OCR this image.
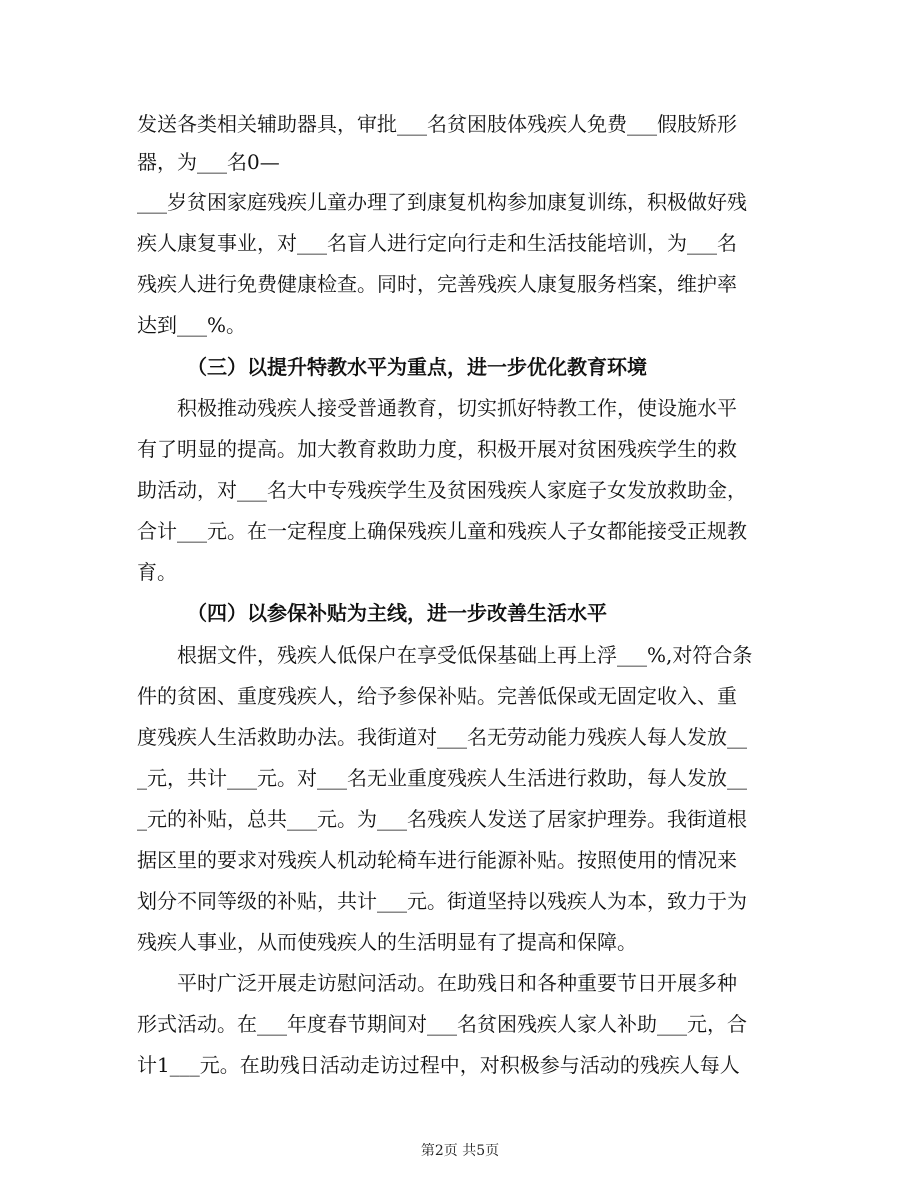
发送各类相关辅助器具，审批___名贫困肢体残疾人免费___假肢矫形
器，为___名0—
___岁贫困家庭残疾儿童办理了到康复机构参加康复训练，积极做好残
疾人康复事业，对___名盲人进行定向行走和生活技能培训，为___名
残疾人进行免费健康检查。同时，完善残疾人康复服务档案，维护率
达到___%。
（三）以提升特教水平为重点，进一步优化教育环境
积极推动残疾人接受普通教育，切实抓好特教工作，使设施水平
有了明显的提高。加大教育救助力度，积极开展对贫困残疾学生的救
助活动，对___名大中专残疾学生及贫困残疾人家庭子女发放救助金，
合计___元。在一定程度上确保残疾儿童和残疾人子女都能接受正规教
育。
（四）以参保补贴为主线，进一步改善生活水平
根据文件，残疾人低保户在享受低保基础上再上浮___%,对符合条
件的贫困、重度残疾人，给予参保补贴。完善低保或无固定收入、重
度残疾人生活救助办法。我街道对___名无劳动能力残疾人每人发放__
_元，共计___元。对___名无业重度残疾人生活进行救助，每人发放__
_元的补贴，总共___元。为___名残疾人发送了居家护理券。我街道根
据区里的要求对残疾人机动轮椅车进行能源补贴。按照使用的情况来
划分不同等级的补贴，共计___元。街道坚持以残疾人为本，致力于为
残疾人事业，从而使残疾人的生活明显有了提高和保障。
平时广泛开展走访慰问活动。在助残日和各种重要节日开展多种
形式活动。在___年度春节期间对___名贫困残疾人家人补助___元，合
计1___元。在助残日活动走访过程中，对积极参与活动的残疾人每人
第2页 共5页
